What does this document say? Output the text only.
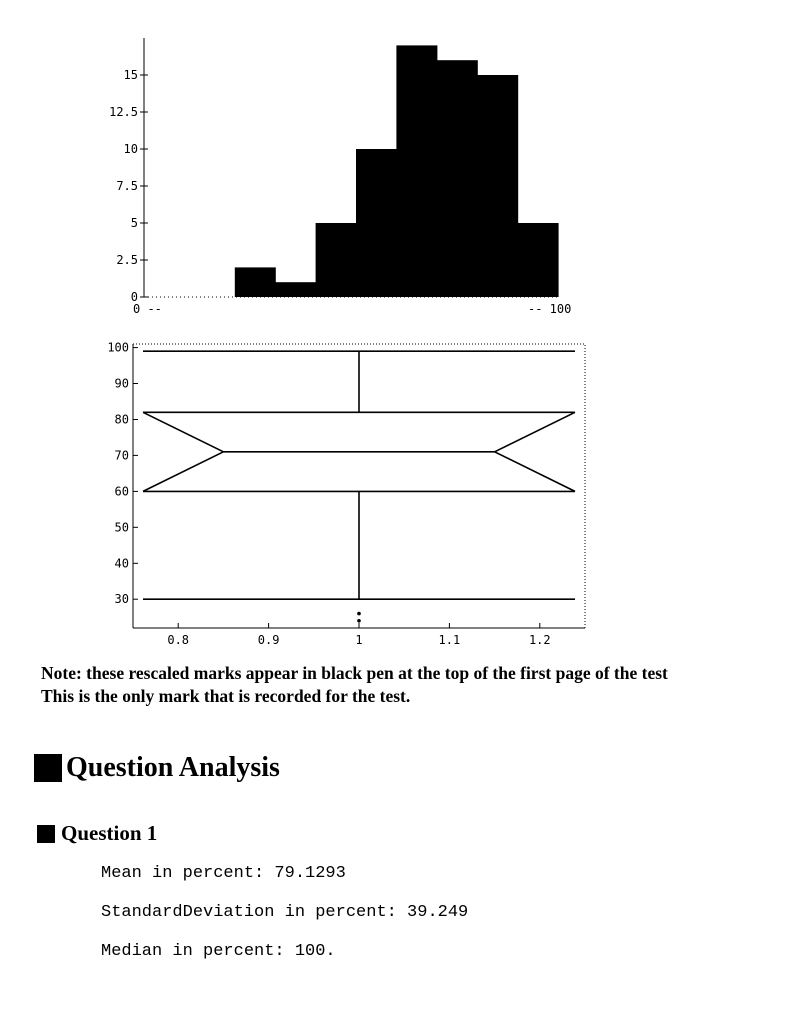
0
2.5
5
7.5
10
12.5
15
0 --	-- 100
30
40
50
60
70
80
90
100
0.8	0.9	1	1.1	1.2
Note: these rescaled marks appear in black pen at the top of the first page of the test
This is the only mark that is recorded for the test.
Question Analysis
Question 1
Mean in percent: 79.1293
StandardDeviation in percent: 39.249
Median in percent: 100.
